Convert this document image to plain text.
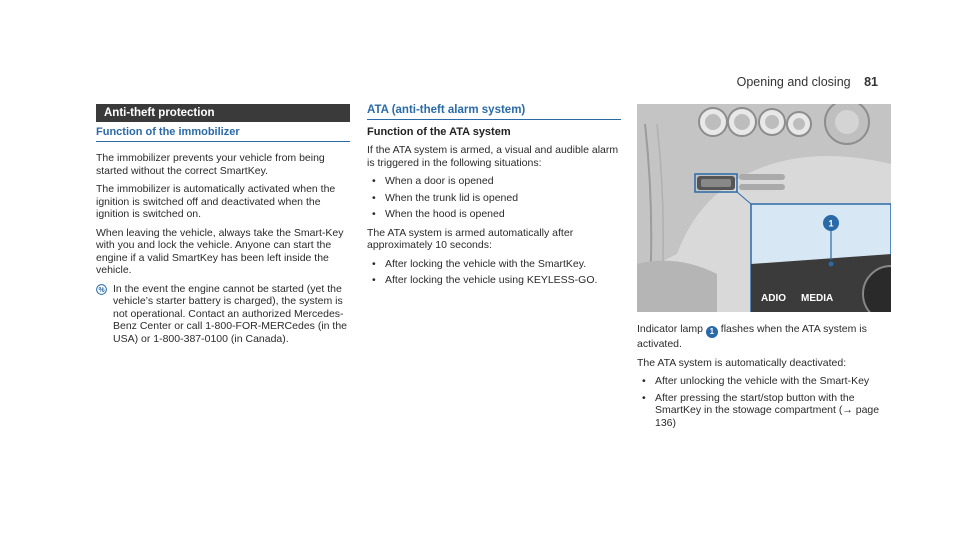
Opening and closing 81
Anti-theft protection
Function of the immobilizer

The immobilizer prevents your vehicle from being started without the correct SmartKey.

The immobilizer is automatically activated when the ignition is switched off and deactivated when the ignition is switched on.

When leaving the vehicle, always take the Smart-Key with you and lock the vehicle. Anyone can start the engine if a valid SmartKey has been left inside the vehicle.

% In the event the engine cannot be started (yet the vehicle’s starter battery is charged), the system is not operational. Contact an authorized Mercedes-Benz Center or call 1-800-FOR-MERCedes (in the USA) or 1-800-387-0100 (in Canada).
ATA (anti-theft alarm system)
Function of the ATA system

If the ATA system is armed, a visual and audible alarm is triggered in the following situations:

• When a door is opened
• When the trunk lid is opened
• When the hood is opened

The ATA system is armed automatically after approximately 10 seconds:

• After locking the vehicle with the SmartKey.
• After locking the vehicle using KEYLESS-GO.
ADIO MEDIA
1

Indicator lamp 1 flashes when the ATA system is activated.

The ATA system is automatically deactivated:

• After unlocking the vehicle with the Smart-Key
• After pressing the start/stop button with the SmartKey in the stowage compartment (→ page 136)
